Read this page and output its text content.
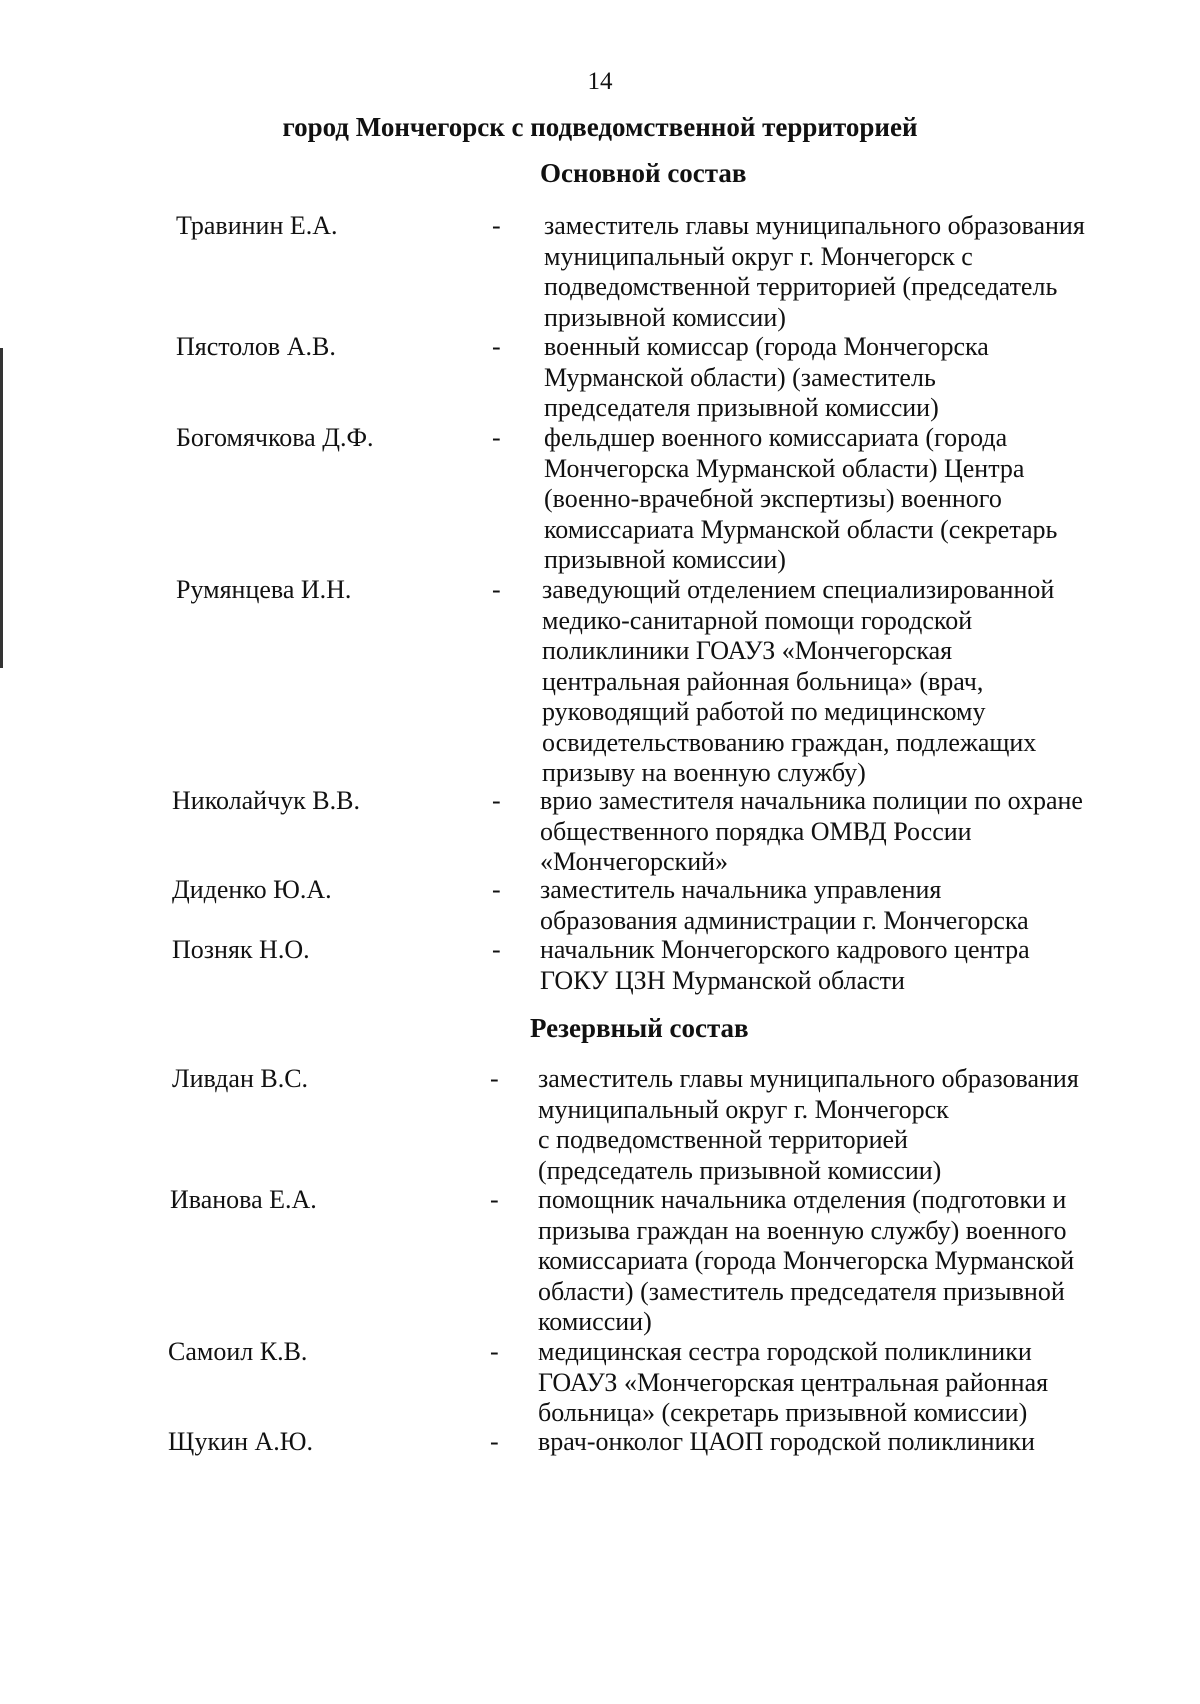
14
город Мончегорск с подведомственной территорией
Основной состав
Травинин Е.А.	- заместитель главы муниципального образования
муниципальный округ г. Мончегорск с
подведомственной территорией (председатель
призывной комиссии)
Пястолов А.В.	- военный комиссар (города Мончегорска
Мурманской области) (заместитель
председателя призывной комиссии)
Богомячкова Д.Ф.	- фельдшер военного комиссариата (города
Мончегорска Мурманской области) Центра
(военно-врачебной экспертизы) военного
комиссариата Мурманской области (секретарь
призывной комиссии)
Румянцева И.Н.	- заведующий отделением специализированной
медико-санитарной помощи городской
поликлиники ГОАУЗ «Мончегорская
центральная районная больница» (врач,
руководящий работой по медицинскому
освидетельствованию граждан, подлежащих
призыву на военную службу)
Николайчук В.В.	- врио заместителя начальника полиции по охране
общественного порядка ОМВД России
«Мончегорский»
Диденко Ю.А.	- заместитель начальника управления
образования администрации г. Мончегорска
Позняк Н.О.	- начальник Мончегорского кадрового центра
ГОКУ ЦЗН Мурманской области
Резервный состав
Ливдан В.С.	- заместитель главы муниципального образования
муниципальный округ г. Мончегорск
с подведомственной территорией
(председатель призывной комиссии)
Иванова Е.А.	- помощник начальника отделения (подготовки и
призыва граждан на военную службу) военного
комиссариата (города Мончегорска Мурманской
области) (заместитель председателя призывной
комиссии)
Самоил К.В.	- медицинская сестра городской поликлиники
ГОАУЗ «Мончегорская центральная районная
больница» (секретарь призывной комиссии)
Щукин А.Ю.	- врач-онколог ЦАОП городской поликлиники
